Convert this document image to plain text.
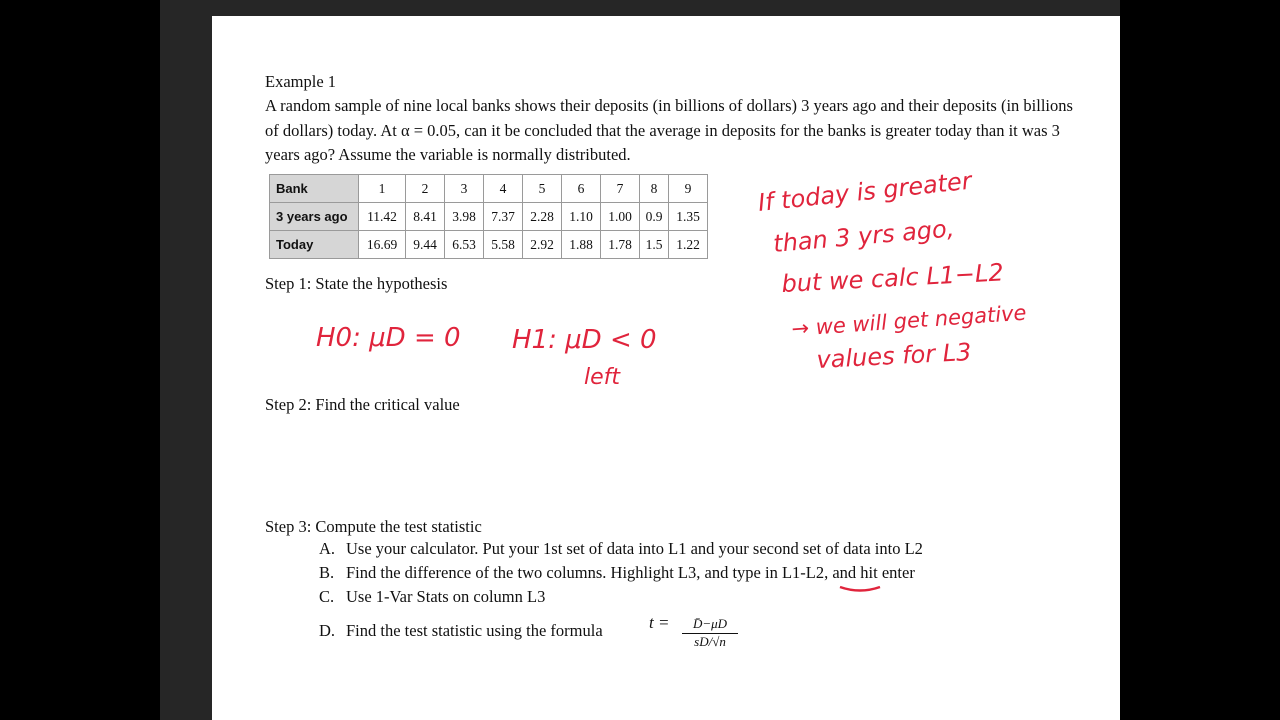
Example 1
A random sample of nine local banks shows their deposits (in billions of dollars) 3 years ago and their deposits (in billions of dollars) today. At α = 0.05, can it be concluded that the average in deposits for the banks is greater today than it was 3 years ago? Assume the variable is normally distributed.
Bank	1	2	3	4	5	6	7	8	9
3 years ago	11.42	8.41	3.98	7.37	2.28	1.10	1.00	0.9	1.35
Today	16.69	9.44	6.53	5.58	2.92	1.88	1.78	1.5	1.22
Step 1: State the hypothesis
Step 2: Find the critical value
Step 3: Compute the test statistic
A. Use your calculator. Put your 1st set of data into L1 and your second set of data into L2
B. Find the difference of the two columns. Highlight L3, and type in L1-L2, and hit enter
C. Use 1-Var Stats on column L3
D. Find the test statistic using the formula	$t = \frac{D̄-\mu D}{sD/√n}$
H0: μD = 0 H1: μD < 0
left
If today is greater
than 3 yrs ago,
but we calc L1−L2
→ we will get negative
values for L3
